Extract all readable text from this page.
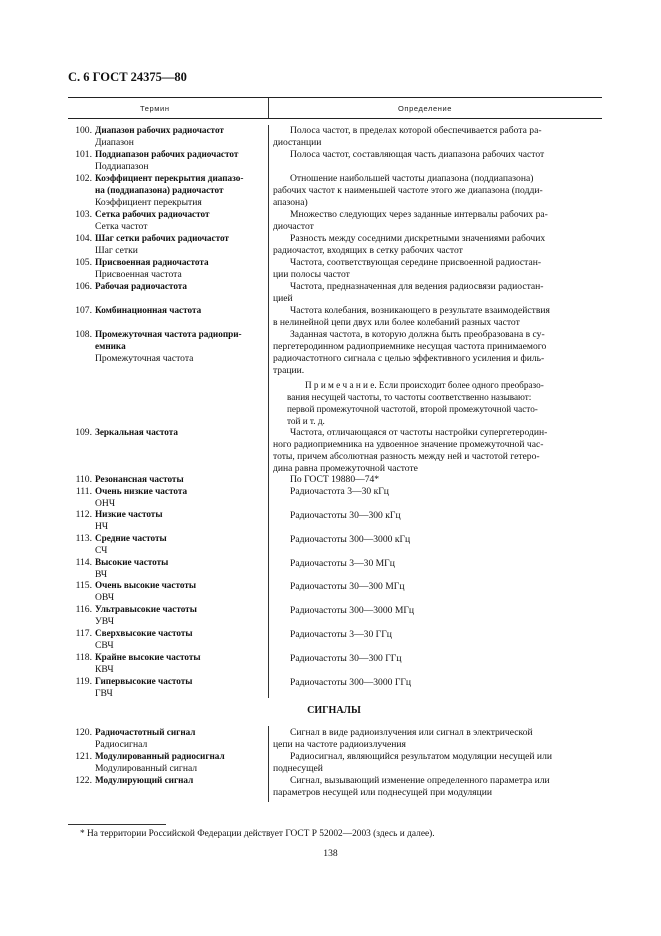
С. 6 ГОСТ 24375—80
Термин	Определение
100. Диапазон рабочих радиочастот
Диапазон
101. Поддиапазон рабочих радиочастот
Поддиапазон
102. Коэффициент перекрытия диапазо-
на (поддиапазона) радиочастот
Коэффициент перекрытия
103. Сетка рабочих радиочастот
Сетка частот
104. Шаг сетки рабочих радиочастот
Шаг сетки
105. Присвоенная радиочастота
Присвоенная частота
106. Рабочая радиочастота
107. Комбинационная частота
108. Промежуточная частота радиопри-
емника
Промежуточная частота
109. Зеркальная частота
110. Резонансная частоты
111. Очень низкие частота
ОНЧ
112. Низкие частоты
НЧ
113. Средние частоты
СЧ
114. Высокие частоты
ВЧ
115. Очень высокие частоты
ОВЧ
116. Ультравысокие частоты
УВЧ
117. Сверхвысокие частоты
СВЧ
118. Крайне высокие частоты
КВЧ
119. Гипервысокие частоты
ГВЧ
120. Радиочастотный сигнал
Радиосигнал
121. Модулированный радиосигнал
Модулированный сигнал
122. Модулирующий сигнал
Полоса частот, в пределах которой обеспечивается работа ра-
диостанции
Полоса частот, составляющая часть диапазона рабочих частот
Отношение наибольшей частоты диапазона (поддиапазона)
рабочих частот к наименьшей частоте этого же диапазона (подди-
апазона)
Множество следующих через заданные интервалы рабочих ра-
диочастот
Разность между соседними дискретными значениями рабочих
радиочастот, входящих в сетку рабочих частот
Частота, соответствующая середине присвоенной радиостан-
ции полосы частот
Частота, предназначенная для ведения радиосвязи радиостан-
цией
Частота колебания, возникающего в результате взаимодействия
в нелинейной цепи двух или более колебаний разных частот
Заданная частота, в которую должна быть преобразована в су-
пергетеродинном радиоприемнике несущая частота принимаемого
радиочастотного сигнала с целью эффективного усиления и филь-
трации.
П р и м е ч а н и е. Если происходит более одного преобразо-
вания несущей частоты, то частоты соответственно называют:
первой промежуточной частотой, второй промежуточной часто-
той и т. д.
Частота, отличающаяся от частоты настройки супергетеродин-
ного радиоприемника на удвоенное значение промежуточной час-
тоты, причем абсолютная разность между ней и частотой гетеро-
дина равна промежуточной частоте
По ГОСТ 19880—74*
Радиочастота 3—30 кГц
Радиочастоты 30—300 кГц
Радиочастоты 300—3000 кГц
Радиочастоты 3—30 МГц
Радиочастоты 30—300 МГц
Радиочастоты 300—3000 МГц
Радиочастоты 3—30 ГГц
Радиочастоты 30—300 ГГц
Радиочастоты 300—3000 ГГц
Сигнал в виде радиоизлучения или сигнал в электрической
цепи на частоте радиоизлучения
Радиосигнал, являющийся результатом модуляции несущей или
поднесущей
Сигнал, вызывающий изменение определенного параметра или
параметров несущей или поднесущей при модуляции
СИГНАЛЫ
* На территории Российской Федерации действует ГОСТ Р 52002—2003 (здесь и далее).
138
